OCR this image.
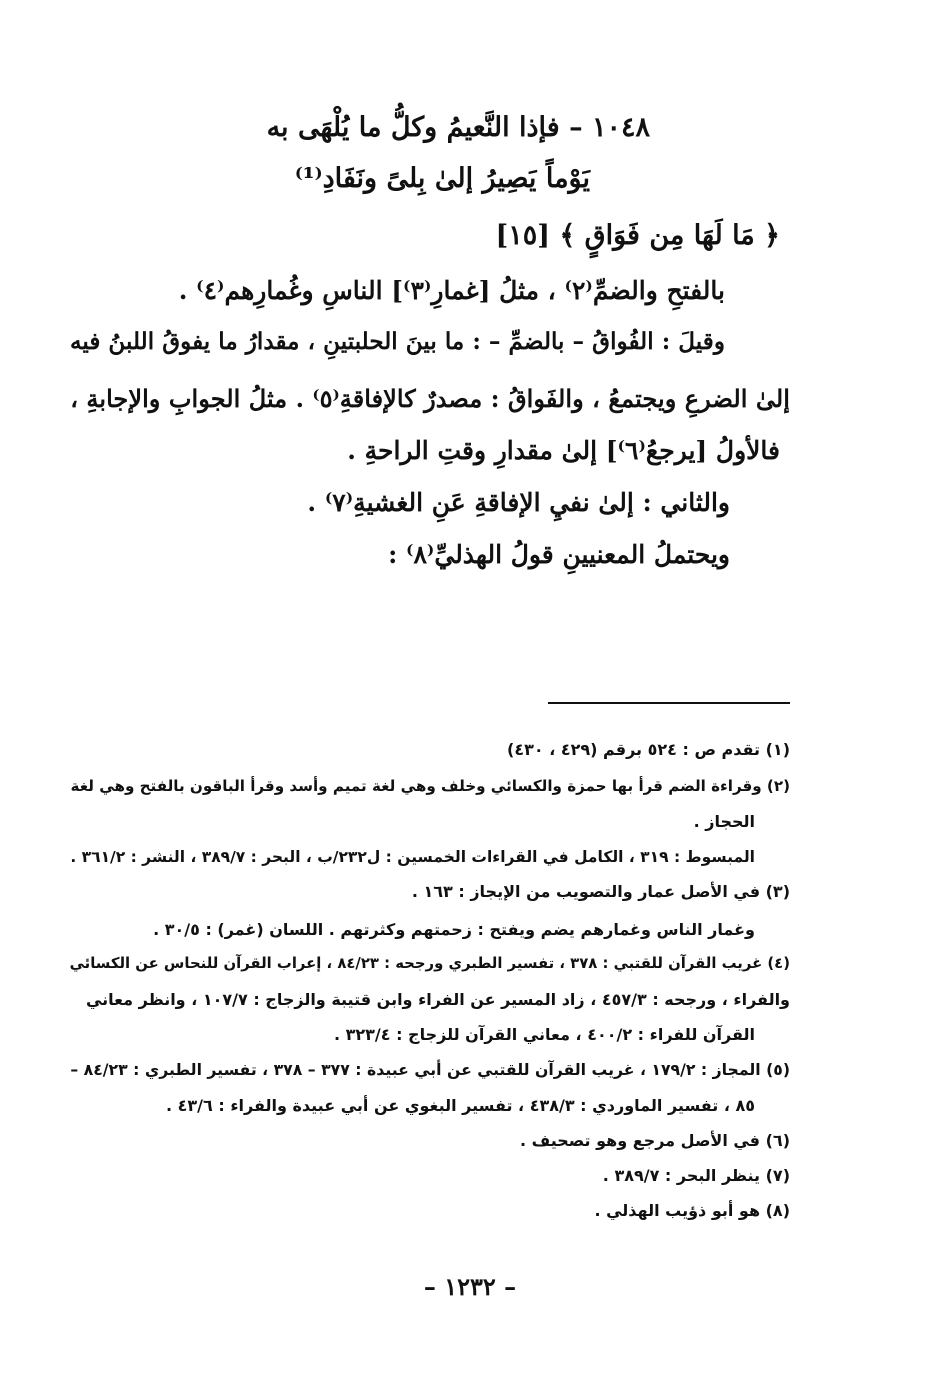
١٠٤٨ – فإذا النَّعيمُ وكلُّ ما يُلْهَى به
يَوْماً يَصِيرُ إلىٰ بِلىً ونَفَادِ⁽¹⁾
﴿ مَا لَهَا مِن فَوَاقٍ ﴾ [١٥]
بالفتحِ والضمِّ⁽٢⁾ ، مثلُ [غمارِ⁽٣⁾] الناسِ وغُمارِهم⁽٤⁾ .
وقيلَ : الفُواقُ – بالضمِّ – : ما بينَ الحلبتينِ ، مقدارُ ما يفوقُ اللبنُ فيه
إلىٰ الضرعِ ويجتمعُ ، والفَواقُ : مصدرٌ كالإفاقةِ⁽٥⁾ . مثلُ الجوابِ والإجابةِ ،
فالأولُ [يرجعُ⁽٦⁾] إلىٰ مقدارِ وقتِ الراحةِ .
والثاني : إلىٰ نفيِ الإفاقةِ عَنِ الغشيةِ⁽٧⁾ .
ويحتملُ المعنيينِ قولُ الهذليِّ⁽٨⁾ :
(١) تقدم ص : ٥٢٤ برقم (٤٢٩ ، ٤٣٠)
(٢) وقراءة الضم قرأ بها حمزة والكسائي وخلف وهي لغة تميم وأسد وقرأ الباقون بالفتح وهي لغة
الحجاز .
المبسوط : ٣١٩ ، الكامل في القراءات الخمسين : ل٢٣٢/ب ، البحر : ٣٨٩/٧ ، النشر : ٣٦١/٢ .
(٣) في الأصل عمار والتصويب من الإيجاز : ١٦٣ .
وغمار الناس وغمارهم يضم ويفتح : زحمتهم وكثرتهم . اللسان (غمر) : ٣٠/٥ .
(٤) غريب القرآن للقتبي : ٣٧٨ ، تفسير الطبري ورجحه : ٨٤/٢٣ ، إعراب القرآن للنحاس عن الكسائي
والفراء ، ورجحه : ٤٥٧/٣ ، زاد المسير عن الفراء وابن قتيبة والزجاج : ١٠٧/٧ ، وانظر معاني
القرآن للفراء : ٤٠٠/٢ ، معاني القرآن للزجاج : ٣٢٣/٤ .
(٥) المجاز : ١٧٩/٢ ، غريب القرآن للقتبي عن أبي عبيدة : ٣٧٧ – ٣٧٨ ، تفسير الطبري : ٨٤/٢٣ –
٨٥ ، تفسير الماوردي : ٤٣٨/٣ ، تفسير البغوي عن أبي عبيدة والفراء : ٤٣/٦ .
(٦) في الأصل مرجع وهو تصحيف .
(٧) ينظر البحر : ٣٨٩/٧ .
(٨) هو أبو ذؤيب الهذلي .
– ١٢٣٢ –
